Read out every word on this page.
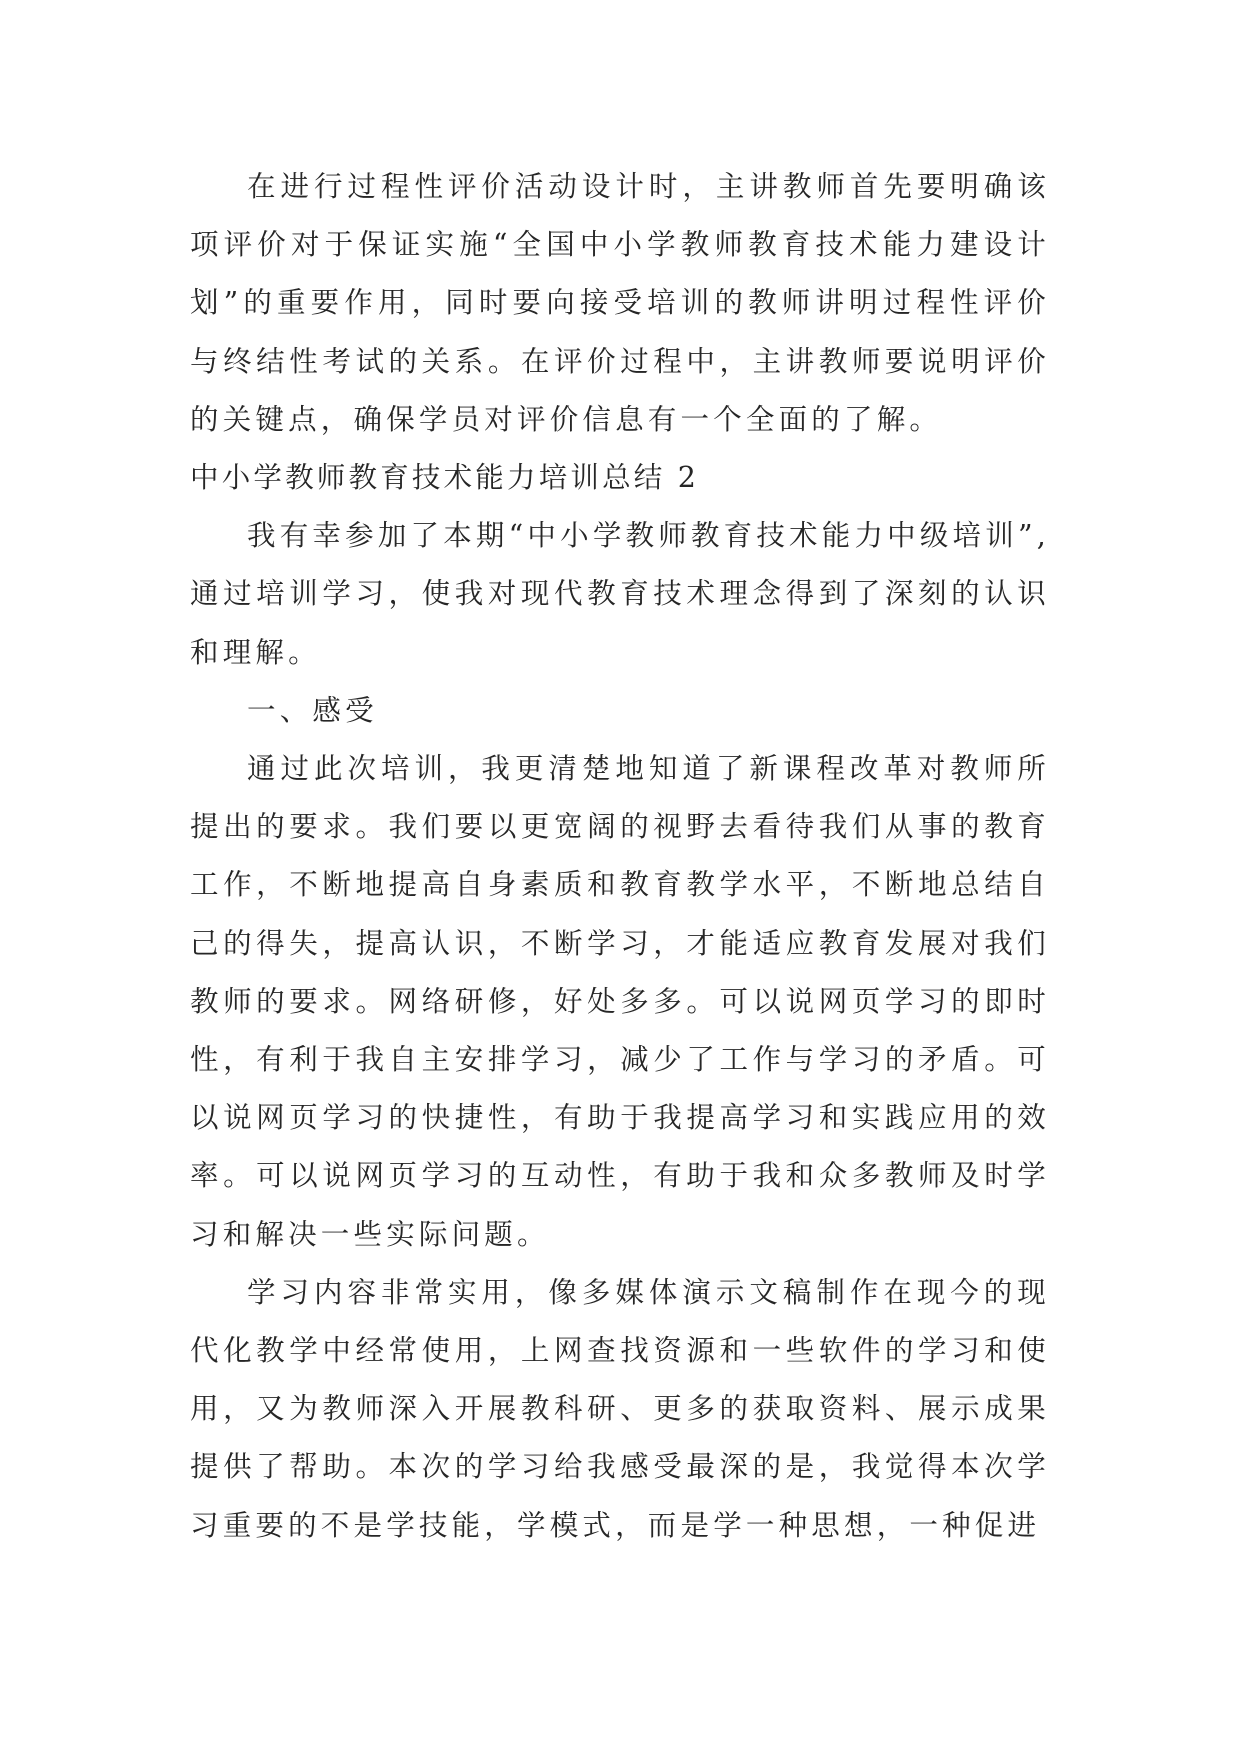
在进行过程性评价活动设计时，主讲教师首先要明确该项评价对于保证实施“全国中小学教师教育技术能力建设计划”的重要作用，同时要向接受培训的教师讲明过程性评价与终结性考试的关系。在评价过程中，主讲教师要说明评价的关键点，确保学员对评价信息有一个全面的了解。

中小学教师教育技术能力培训总结 2

我有幸参加了本期“中小学教师教育技术能力中级培训”,通过培训学习，使我对现代教育技术理念得到了深刻的认识和理解。

一、感受

通过此次培训，我更清楚地知道了新课程改革对教师所提出的要求。我们要以更宽阔的视野去看待我们从事的教育工作，不断地提高自身素质和教育教学水平，不断地总结自己的得失，提高认识，不断学习，才能适应教育发展对我们教师的要求。网络研修，好处多多。可以说网页学习的即时性，有利于我自主安排学习，减少了工作与学习的矛盾。可以说网页学习的快捷性，有助于我提高学习和实践应用的效率。可以说网页学习的互动性，有助于我和众多教师及时学习和解决一些实际问题。

学习内容非常实用，像多媒体演示文稿制作在现今的现代化教学中经常使用，上网查找资源和一些软件的学习和使用，又为教师深入开展教科研、更多的获取资料、展示成果提供了帮助。本次的学习给我感受最深的是，我觉得本次学习重要的不是学技能，学模式，而是学一种思想，一种促进
